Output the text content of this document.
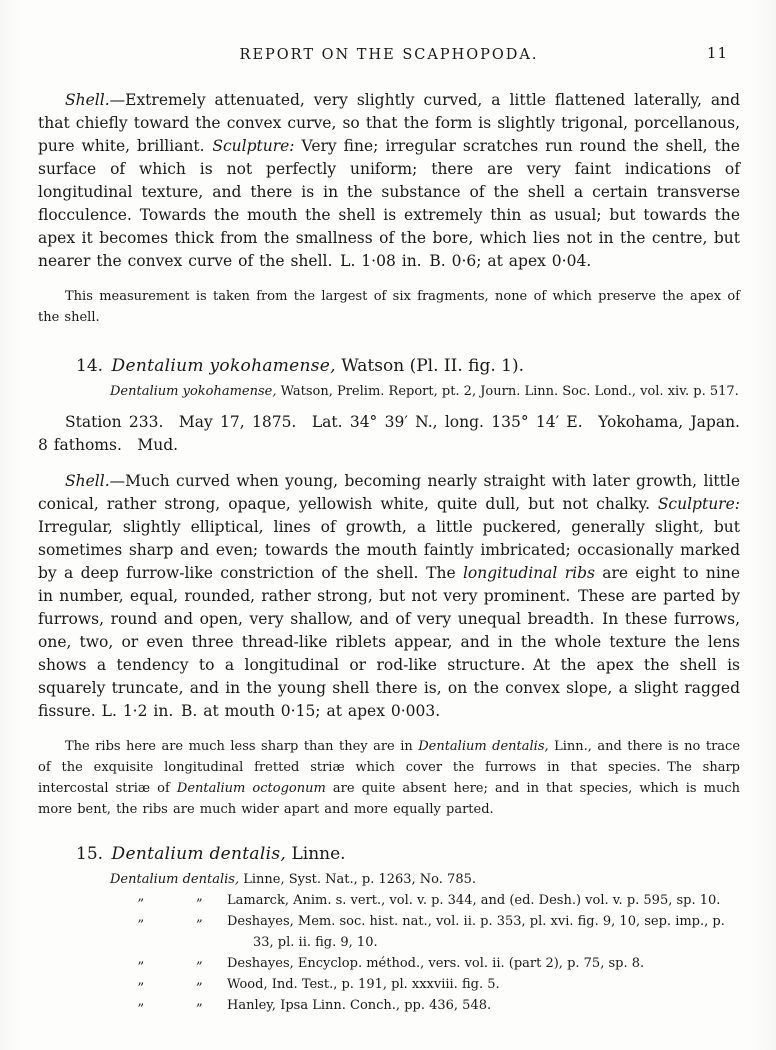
REPORT ON THE SCAPHOPODA.	11

Shell.—Extremely attenuated, very slightly curved, a little flattened laterally, and that chiefly toward the convex curve, so that the form is slightly trigonal, porcellanous, pure white, brilliant. Sculpture: Very fine; irregular scratches run round the shell, the surface of which is not perfectly uniform; there are very faint indications of longitudinal texture, and there is in the substance of the shell a certain transverse flocculence. Towards the mouth the shell is extremely thin as usual; but towards the apex it becomes thick from the smallness of the bore, which lies not in the centre, but nearer the convex curve of the shell. L. 1·08 in. B. 0·6; at apex 0·04.

This measurement is taken from the largest of six fragments, none of which preserve the apex of the shell.

14. Dentalium yokohamense, Watson (Pl. II. fig. 1).

Dentalium yokohamense, Watson, Prelim. Report, pt. 2, Journ. Linn. Soc. Lond., vol. xiv. p. 517.

Station 233. May 17, 1875. Lat. 34° 39′ N., long. 135° 14′ E. Yokohama, Japan. 8 fathoms. Mud.

Shell.—Much curved when young, becoming nearly straight with later growth, little conical, rather strong, opaque, yellowish white, quite dull, but not chalky. Sculpture: Irregular, slightly elliptical, lines of growth, a little puckered, generally slight, but sometimes sharp and even; towards the mouth faintly imbricated; occasionally marked by a deep furrow-like constriction of the shell. The longitudinal ribs are eight to nine in number, equal, rounded, rather strong, but not very prominent. These are parted by furrows, round and open, very shallow, and of very unequal breadth. In these furrows, one, two, or even three thread-like riblets appear, and in the whole texture the lens shows a tendency to a longitudinal or rod-like structure. At the apex the shell is squarely truncate, and in the young shell there is, on the convex slope, a slight ragged fissure. L. 1·2 in. B. at mouth 0·15; at apex 0·003.

The ribs here are much less sharp than they are in Dentalium dentalis, Linn., and there is no trace of the exquisite longitudinal fretted striæ which cover the furrows in that species. The sharp intercostal striæ of Dentalium octogonum are quite absent here; and in that species, which is much more bent, the ribs are much wider apart and more equally parted.

15. Dentalium dentalis, Linne.

Dentalium dentalis, Linne, Syst. Nat., p. 1263, No. 785.

„	„	Lamarck, Anim. s. vert., vol. v. p. 344, and (ed. Desh.) vol. v. p. 595, sp. 10.
„	„	Deshayes, Mem. soc. hist. nat., vol. ii. p. 353, pl. xvi. fig. 9, 10, sep. imp., p. 33, pl. ii. fig. 9, 10.
„	„	Deshayes, Encyclop. méthod., vers. vol. ii. (part 2), p. 75, sp. 8.
„	„	Wood, Ind. Test., p. 191, pl. xxxviii. fig. 5.
„	„	Hanley, Ipsa Linn. Conch., pp. 436, 548.
